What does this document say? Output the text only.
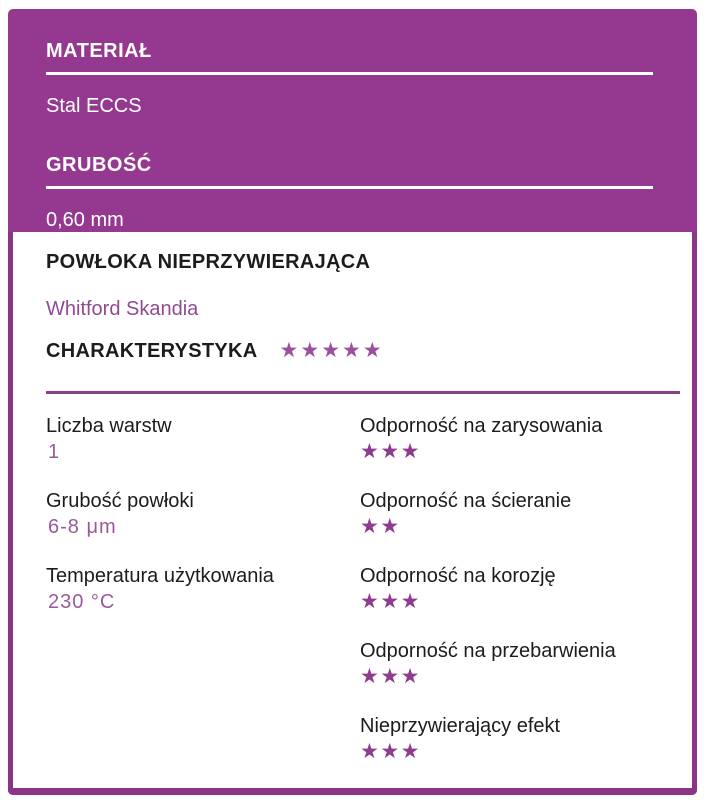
MATERIAŁ
Stal ECCS
GRUBOŚĆ
0,60 mm
POWŁOKA NIEPRZYWIERAJĄCA
Whitford Skandia
CHARAKTERYSTYKA ★★★★★
Liczba warstw
1
Grubość powłoki
6-8 μm
Temperatura użytkowania
230 °C
Odporność na zarysowania
★★★
Odporność na ścieranie
★★
Odporność na korozję
★★★
Odporność na przebarwienia
★★★
Nieprzywierający efekt
★★★
